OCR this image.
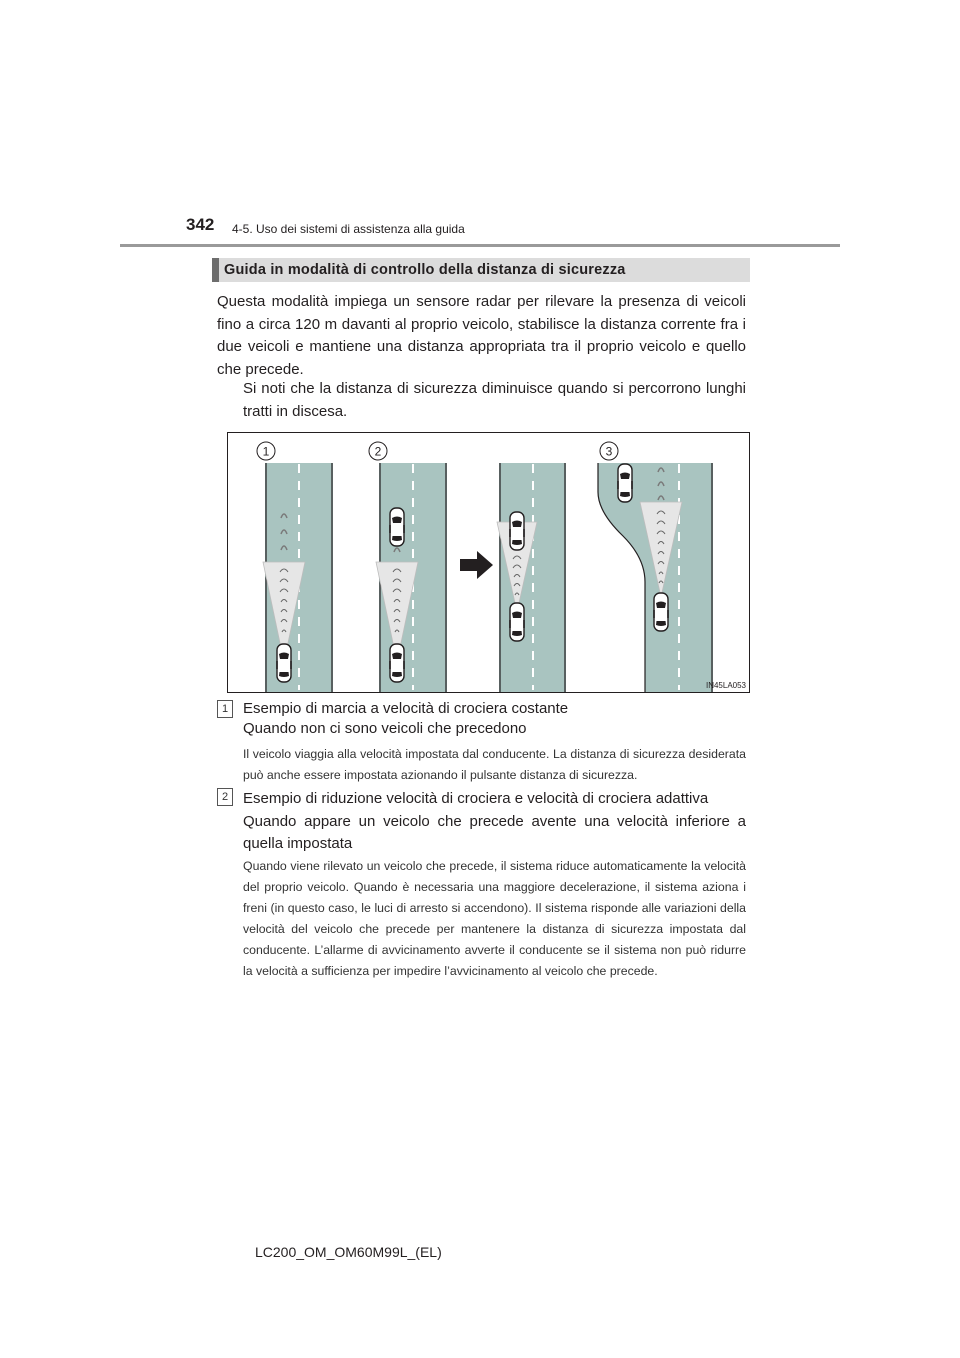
342 4-5. Uso dei sistemi di assistenza alla guida
Guida in modalità di controllo della distanza di sicurezza
Questa modalità impiega un sensore radar per rilevare la presenza di veicoli fino a circa 120 m davanti al proprio veicolo, stabilisce la distanza corrente fra i due veicoli e mantiene una distanza appropriata tra il proprio veicolo e quello che precede.
Si noti che la distanza di sicurezza diminuisce quando si percorrono lunghi tratti in discesa.
1	2	3
IN45LA053
1 Esempio di marcia a velocità di crociera costante
Quando non ci sono veicoli che precedono
Il veicolo viaggia alla velocità impostata dal conducente. La distanza di sicurezza desiderata può anche essere impostata azionando il pulsante distanza di sicurezza.
2 Esempio di riduzione velocità di crociera e velocità di crociera adattiva
Quando appare un veicolo che precede avente una velocità inferiore a quella impostata
Quando viene rilevato un veicolo che precede, il sistema riduce automaticamente la velocità del proprio veicolo. Quando è necessaria una maggiore decelerazione, il sistema aziona i freni (in questo caso, le luci di arresto si accendono). Il sistema risponde alle variazioni della velocità del veicolo che precede per mantenere la distanza di sicurezza impostata dal conducente. L’allarme di avvicinamento avverte il conducente se il sistema non può ridurre la velocità a sufficienza per impedire l’avvicinamento al veicolo che precede.
LC200_OM_OM60M99L_(EL)
